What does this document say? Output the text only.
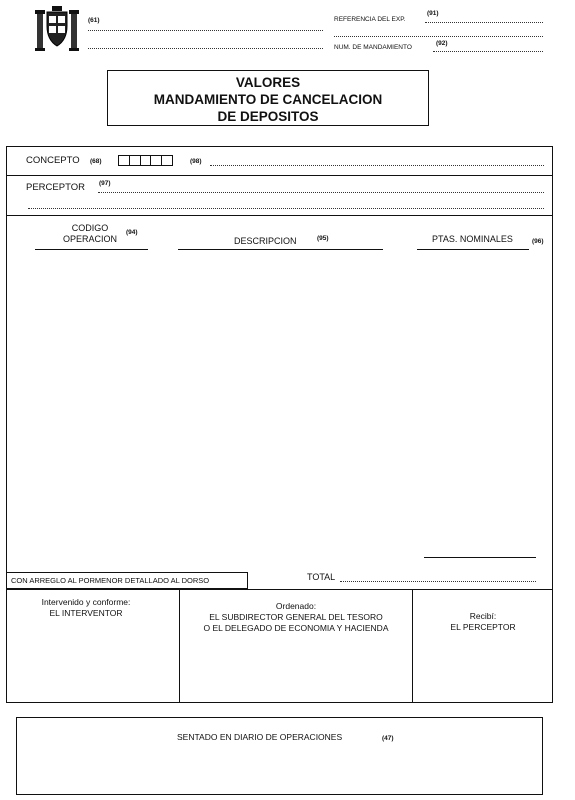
(61)	REFERENCIA DEL EXP.
(91)
NUM. DE MANDAMIENTO
(92)
VALORES
MANDAMIENTO DE CANCELACION
DE DEPOSITOS
CONCEPTO (68)	(98)
PERCEPTOR (97)
CODIGO
OPERACION
(94)
DESCRIPCION	(95)	PTAS. NOMINALES	(96)
CON ARREGLO AL PORMENOR DETALLADO AL DORSO	TOTAL
Intervenido y conforme:
EL INTERVENTOR
Ordenado:
EL SUBDIRECTOR GENERAL DEL TESORO
O EL DELEGADO DE ECONOMIA Y HACIENDA
Recibí:
EL PERCEPTOR
SENTADO EN DIARIO DE OPERACIONES	(47)
